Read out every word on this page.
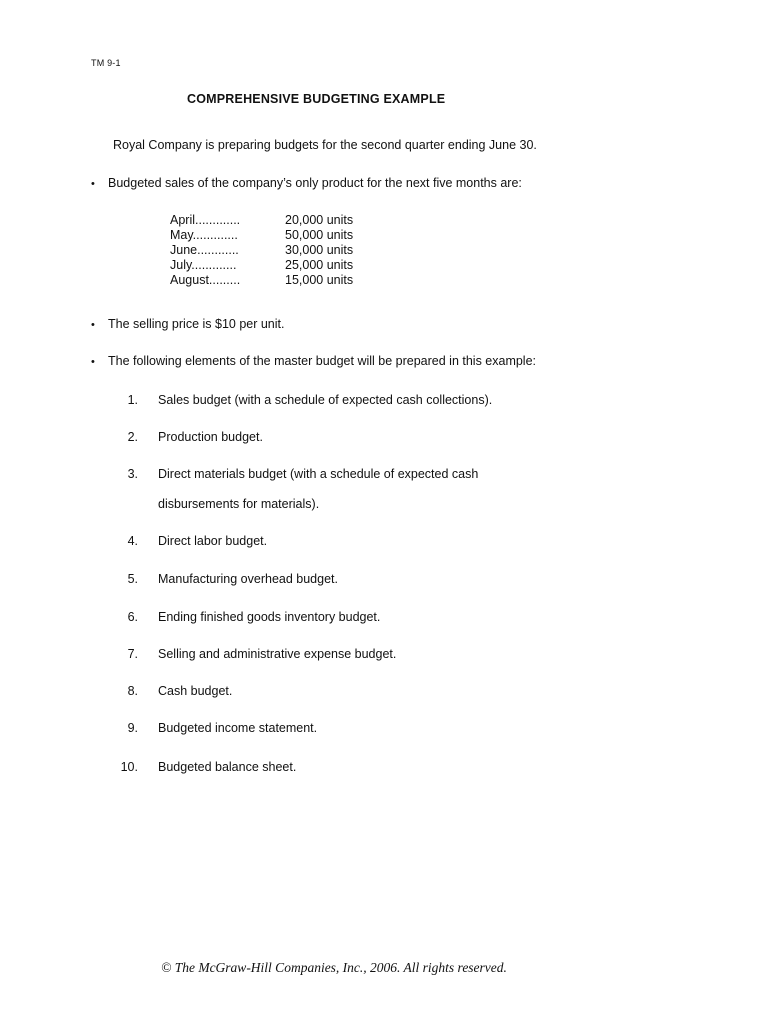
TM 9-1
COMPREHENSIVE BUDGETING EXAMPLE
Royal Company is preparing budgets for the second quarter ending June 30.
• Budgeted sales of the company’s only product for the next five months are:
April.............	20,000 units
May.............	50,000 units
June............	30,000 units
July.............	25,000 units
August.........	15,000 units
• The selling price is $10 per unit.
• The following elements of the master budget will be prepared in this example:
1. Sales budget (with a schedule of expected cash collections).
2. Production budget.
3. Direct materials budget (with a schedule of expected cash
disbursements for materials).
4. Direct labor budget.
5. Manufacturing overhead budget.
6. Ending finished goods inventory budget.
7. Selling and administrative expense budget.
8. Cash budget.
9. Budgeted income statement.
10. Budgeted balance sheet.
© The McGraw-Hill Companies, Inc., 2006. All rights reserved.
